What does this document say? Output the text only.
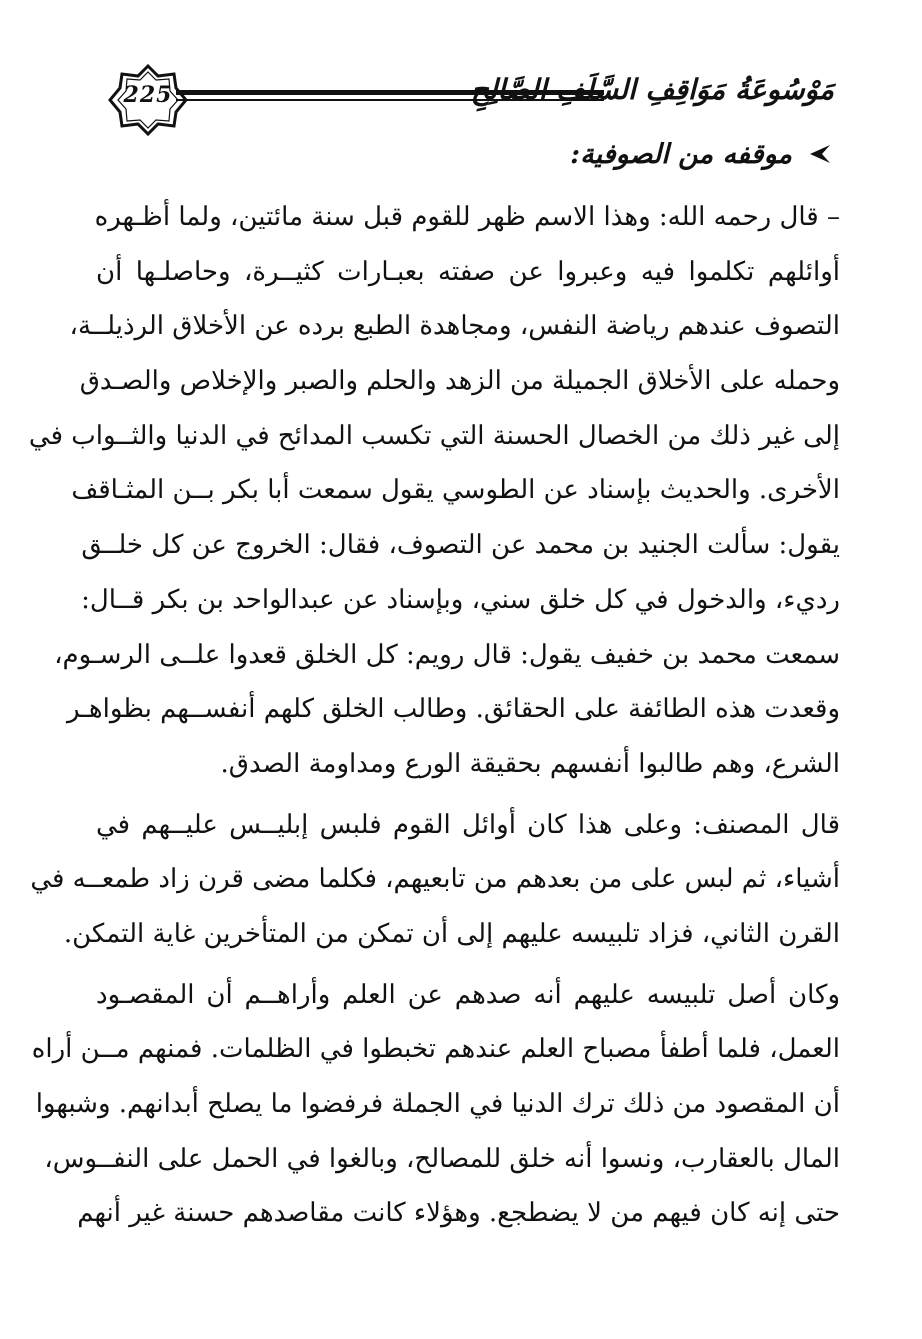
225	مَوْسُوعَةُ مَوَاقِفِ السَّلَفِ الصَّالِحِ
موقفه من الصوفية:
– قال رحمه الله: وهذا الاسم ظهر للقوم قبل سنة مائتين، ولما أظـهره
أوائلهم تكلموا فيه وعبروا عن صفته بعبـارات كثيــرة، وحاصلـها أن
التصوف عندهم رياضة النفس، ومجاهدة الطبع برده عن الأخلاق الرذيلــة،
وحمله على الأخلاق الجميلة من الزهد والحلم والصبر والإخلاص والصـدق
إلى غير ذلك من الخصال الحسنة التي تكسب المدائح في الدنيا والثــواب في
الأخرى. والحديث بإسناد عن الطوسي يقول سمعت أبا بكر بــن المثـاقف
يقول: سألت الجنيد بن محمد عن التصوف، فقال: الخروج عن كل خلــق
رديء، والدخول في كل خلق سني، وبإسناد عن عبدالواحد بن بكر قــال:
سمعت محمد بن خفيف يقول: قال رويم: كل الخلق قعدوا علــى الرسـوم،
وقعدت هذه الطائفة على الحقائق. وطالب الخلق كلهم أنفســهم بظواهـر
الشرع، وهم طالبوا أنفسهم بحقيقة الورع ومداومة الصدق.
قال المصنف: وعلى هذا كان أوائل القوم فلبس إبليــس عليــهم في
أشياء، ثم لبس على من بعدهم من تابعيهم، فكلما مضى قرن زاد طمعــه في
القرن الثاني، فزاد تلبيسه عليهم إلى أن تمكن من المتأخرين غاية التمكن.
وكان أصل تلبيسه عليهم أنه صدهم عن العلم وأراهــم أن المقصـود
العمل، فلما أطفأ مصباح العلم عندهم تخبطوا في الظلمات. فمنهم مــن أراه
أن المقصود من ذلك ترك الدنيا في الجملة فرفضوا ما يصلح أبدانهم. وشبهوا
المال بالعقارب، ونسوا أنه خلق للمصالح، وبالغوا في الحمل على النفــوس،
حتى إنه كان فيهم من لا يضطجع. وهؤلاء كانت مقاصدهم حسنة غير أنهم
